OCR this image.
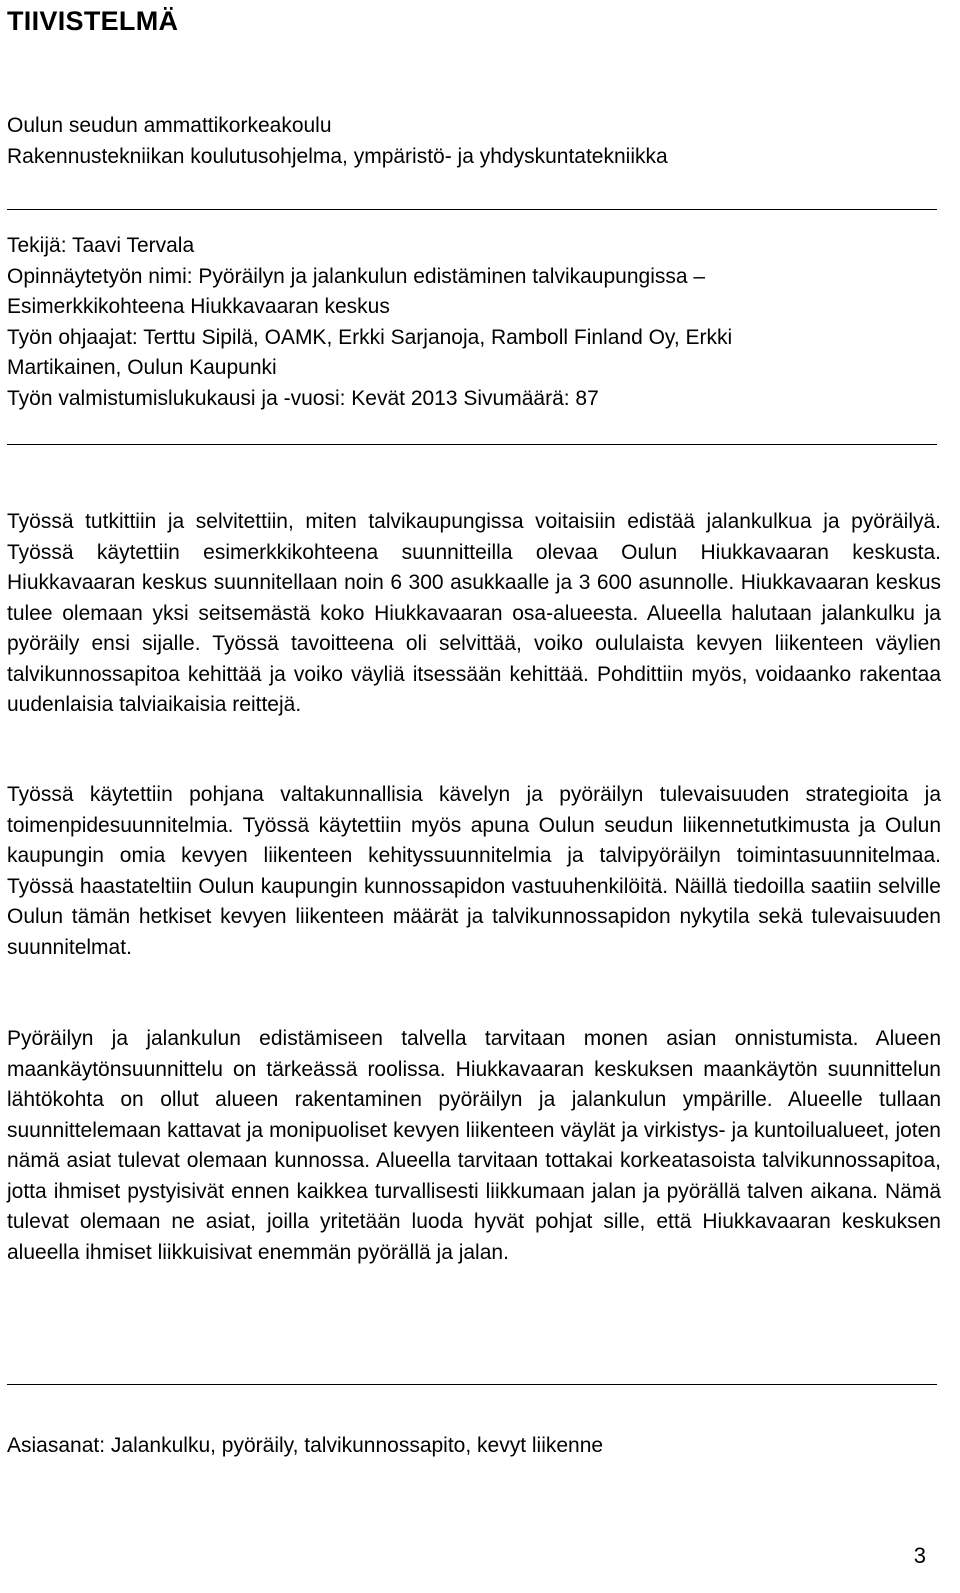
TIIVISTELMÄ
Oulun seudun ammattikorkeakoulu
Rakennustekniikan koulutusohjelma, ympäristö- ja yhdyskuntatekniikka
Tekijä: Taavi Tervala
Opinnäytetyön nimi: Pyöräilyn ja jalankulun edistäminen talvikaupungissa –
Esimerkkikohteena Hiukkavaaran keskus
Työn ohjaajat: Terttu Sipilä, OAMK, Erkki Sarjanoja, Ramboll Finland Oy, Erkki
Martikainen, Oulun Kaupunki
Työn valmistumislukukausi ja -vuosi: Kevät 2013 Sivumäärä: 87

Työssä tutkittiin ja selvitettiin, miten talvikaupungissa voitaisiin edistää jalankulkua ja pyöräilyä. Työssä käytettiin esimerkkikohteena suunnitteilla olevaa Oulun Hiukkavaaran keskusta. Hiukkavaaran keskus suunnitellaan noin 6 300 asukkaalle ja 3 600 asunnolle. Hiukkavaaran keskus tulee olemaan yksi seitsemästä koko Hiukkavaaran osa-alueesta. Alueella halutaan jalankulku ja pyöräily ensi sijalle. Työssä tavoitteena oli selvittää, voiko oululaista kevyen liikenteen väylien talvikunnossapitoa kehittää ja voiko väyliä itsessään kehittää. Pohdittiin myös, voidaanko rakentaa uudenlaisia talviaikaisia reittejä.

Työssä käytettiin pohjana valtakunnallisia kävelyn ja pyöräilyn tulevaisuuden strategioita ja toimenpidesuunnitelmia. Työssä käytettiin myös apuna Oulun seudun liikennetutkimusta ja Oulun kaupungin omia kevyen liikenteen kehityssuunnitelmia ja talvipyöräilyn toimintasuunnitelmaa. Työssä haastateltiin Oulun kaupungin kunnossapidon vastuuhenkilöitä. Näillä tiedoilla saatiin selville Oulun tämän hetkiset kevyen liikenteen määrät ja talvikunnossapidon nykytila sekä tulevaisuuden suunnitelmat.

Pyöräilyn ja jalankulun edistämiseen talvella tarvitaan monen asian onnistumista. Alueen maankäytönsuunnittelu on tärkeässä roolissa. Hiukkavaaran keskuksen maankäytön suunnittelun lähtökohta on ollut alueen rakentaminen pyöräilyn ja jalankulun ympärille. Alueelle tullaan suunnittelemaan kattavat ja monipuoliset kevyen liikenteen väylät ja virkistys- ja kuntoilualueet, joten nämä asiat tulevat olemaan kunnossa. Alueella tarvitaan tottakai korkeatasoista talvikunnossapitoa, jotta ihmiset pystyisivät ennen kaikkea turvallisesti liikkumaan jalan ja pyörällä talven aikana. Nämä tulevat olemaan ne asiat, joilla yritetään luoda hyvät pohjat sille, että Hiukkavaaran keskuksen alueella ihmiset liikkuisivat enemmän pyörällä ja jalan.

Asiasanat: Jalankulku, pyöräily, talvikunnossapito, kevyt liikenne
3
